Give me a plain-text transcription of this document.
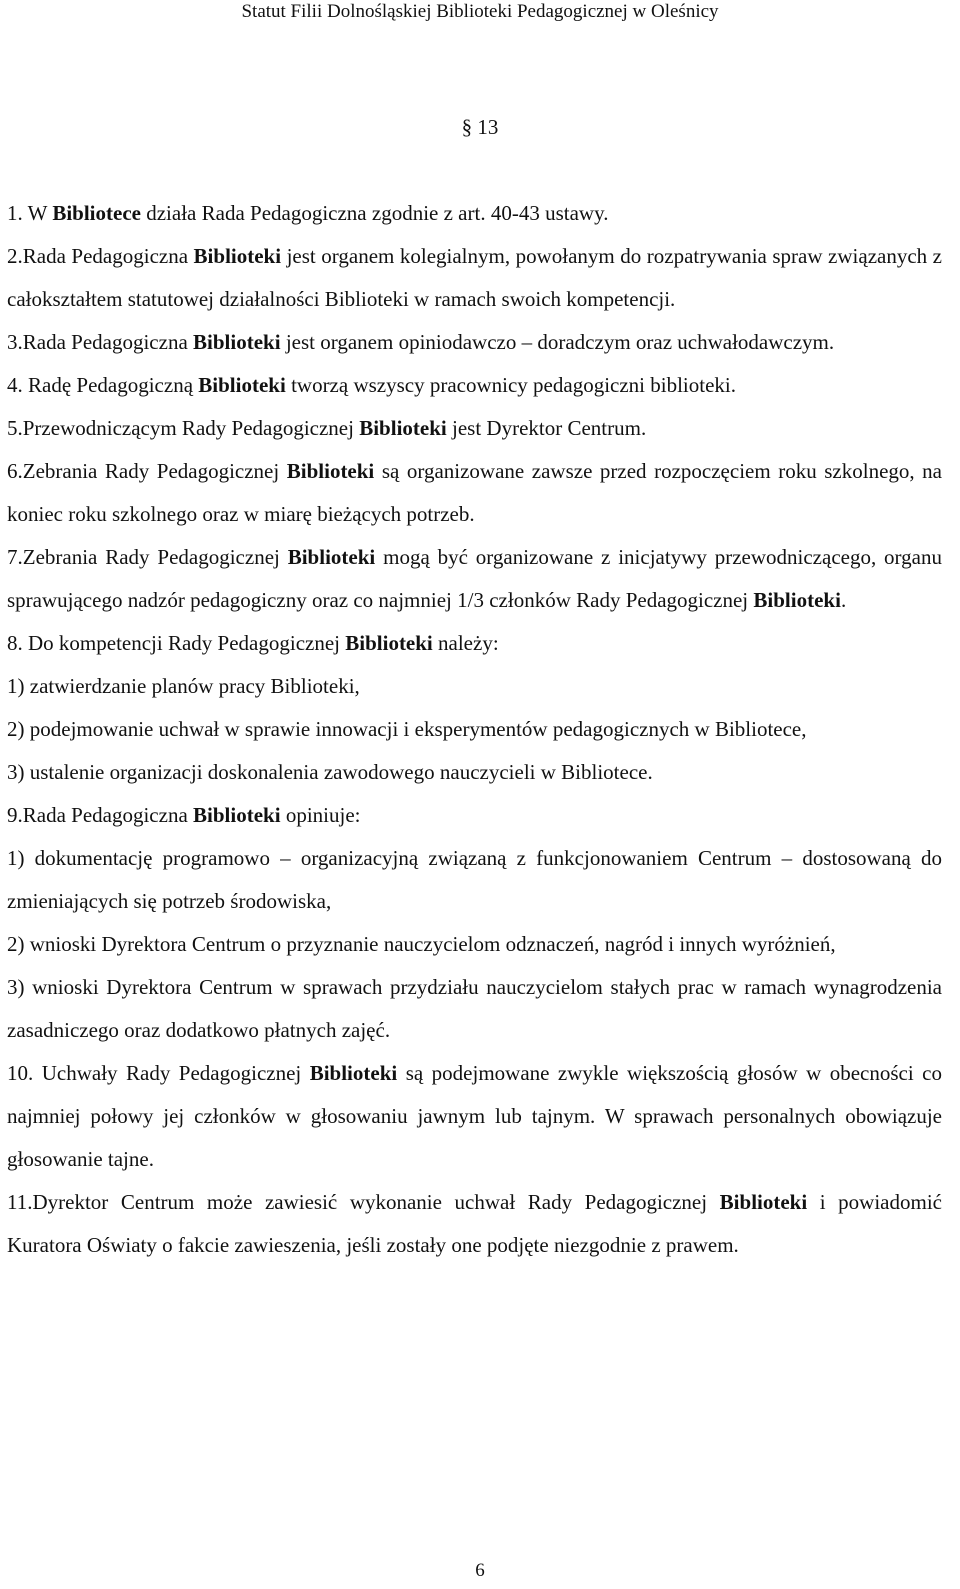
Statut Filii Dolnośląskiej Biblioteki Pedagogicznej w Oleśnicy
§ 13

1. W Bibliotece działa Rada Pedagogiczna zgodnie z art. 40-43 ustawy.

2.Rada Pedagogiczna Biblioteki jest organem kolegialnym, powołanym do rozpatrywania spraw związanych z całokształtem statutowej działalności Biblioteki w ramach swoich kompetencji.

3.Rada Pedagogiczna Biblioteki jest organem opiniodawczo – doradczym oraz uchwałodawczym.

4. Radę Pedagogiczną Biblioteki tworzą wszyscy pracownicy pedagogiczni biblioteki.

5.Przewodniczącym Rady Pedagogicznej Biblioteki jest Dyrektor Centrum.

6.Zebrania Rady Pedagogicznej Biblioteki są organizowane zawsze przed rozpoczęciem roku szkolnego, na koniec roku szkolnego oraz w miarę bieżących potrzeb.

7.Zebrania Rady Pedagogicznej Biblioteki mogą być organizowane z inicjatywy przewodniczącego, organu sprawującego nadzór pedagogiczny oraz co najmniej 1/3 członków Rady Pedagogicznej Biblioteki.

8. Do kompetencji Rady Pedagogicznej Biblioteki należy:

1) zatwierdzanie planów pracy Biblioteki,

2) podejmowanie uchwał w sprawie innowacji i eksperymentów pedagogicznych w Bibliotece,

3) ustalenie organizacji doskonalenia zawodowego nauczycieli w Bibliotece.

9.Rada Pedagogiczna Biblioteki opiniuje:

1) dokumentację programowo – organizacyjną związaną z funkcjonowaniem Centrum – dostosowaną do zmieniających się potrzeb środowiska,

2) wnioski Dyrektora Centrum o przyznanie nauczycielom odznaczeń, nagród i innych wyróżnień,

3) wnioski Dyrektora Centrum w sprawach przydziału nauczycielom stałych prac w ramach wynagrodzenia zasadniczego oraz dodatkowo płatnych zajęć.

10. Uchwały Rady Pedagogicznej Biblioteki są podejmowane zwykle większością głosów w obecności co najmniej połowy jej członków w głosowaniu jawnym lub tajnym. W sprawach personalnych obowiązuje głosowanie tajne.

11.Dyrektor Centrum może zawiesić wykonanie uchwał Rady Pedagogicznej Biblioteki i powiadomić Kuratora Oświaty o fakcie zawieszenia, jeśli zostały one podjęte niezgodnie z prawem.

6
